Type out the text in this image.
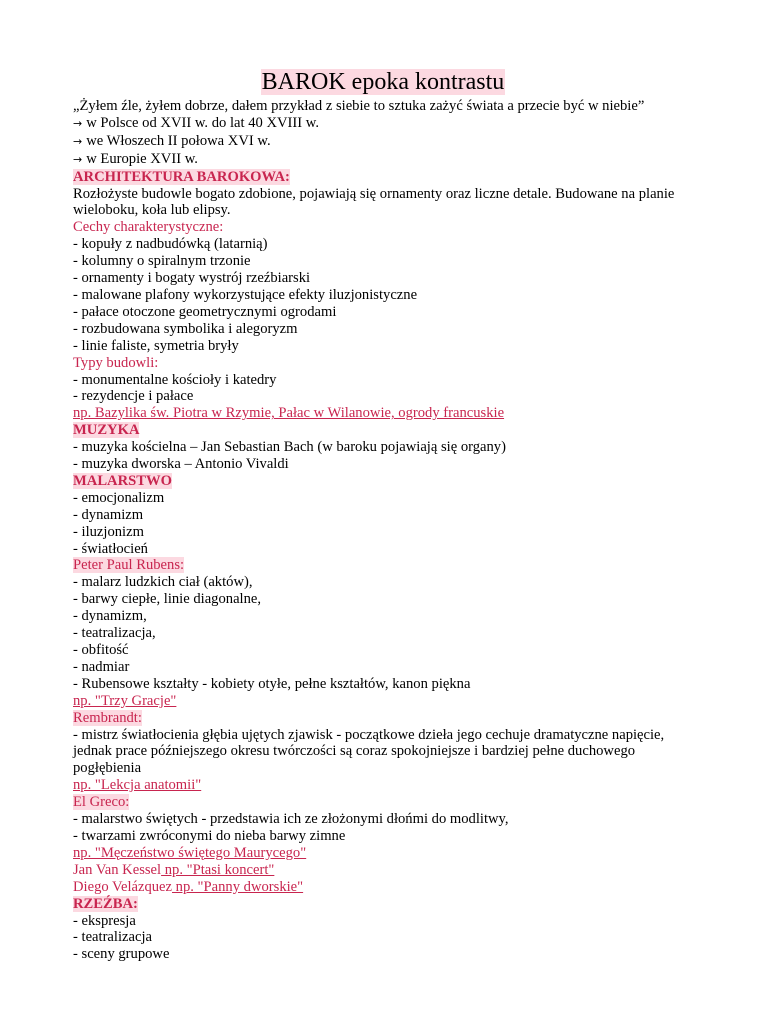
BAROK epoka kontrastu
„Żyłem źle, żyłem dobrze, dałem przykład z siebie to sztuka zażyć świata a przecie być w niebie”
→ w Polsce od XVII w. do lat 40 XVIII w.
→ we Włoszech II połowa XVI w.
→ w Europie XVII w.
ARCHITEKTURA BAROKOWA:
Rozłożyste budowle bogato zdobione, pojawiają się ornamenty oraz liczne detale. Budowane na planie wieloboku, koła lub elipsy.
Cechy charakterystyczne:
- kopuły z nadbudówką (latarnią)
- kolumny o spiralnym trzonie
- ornamenty i bogaty wystrój rzeźbiarski
- malowane plafony wykorzystujące efekty iluzjonistyczne
- pałace otoczone geometrycznymi ogrodami
- rozbudowana symbolika i alegoryzm
- linie faliste, symetria bryły
Typy budowli:
- monumentalne kościoły i katedry
- rezydencje i pałace
np. Bazylika św. Piotra w Rzymie, Pałac w Wilanowie, ogrody francuskie
MUZYKA
- muzyka kościelna – Jan Sebastian Bach (w baroku pojawiają się organy)
- muzyka dworska – Antonio Vivaldi
MALARSTWO
- emocjonalizm
- dynamizm
- iluzjonizm
- światłocień
Peter Paul Rubens:
- malarz ludzkich ciał (aktów),
- barwy ciepłe, linie diagonalne,
- dynamizm,
- teatralizacja,
- obfitość
- nadmiar
- Rubensowe kształty - kobiety otyłe, pełne kształtów, kanon piękna
np. "Trzy Gracje"
Rembrandt:
- mistrz światłocienia głębia ujętych zjawisk - początkowe dzieła jego cechuje dramatyczne napięcie, jednak prace późniejszego okresu twórczości są coraz spokojniejsze i bardziej pełne duchowego pogłębienia
np. "Lekcja anatomii"
El Greco:
- malarstwo świętych - przedstawia ich ze złożonymi dłońmi do modlitwy,
- twarzami zwróconymi do nieba barwy zimne
np. "Męczeństwo świętego Maurycego"
Jan Van Kessel np. "Ptasi koncert"
Diego Velázquez np. "Panny dworskie"
RZEŹBA:
- ekspresja
- teatralizacja
- sceny grupowe
